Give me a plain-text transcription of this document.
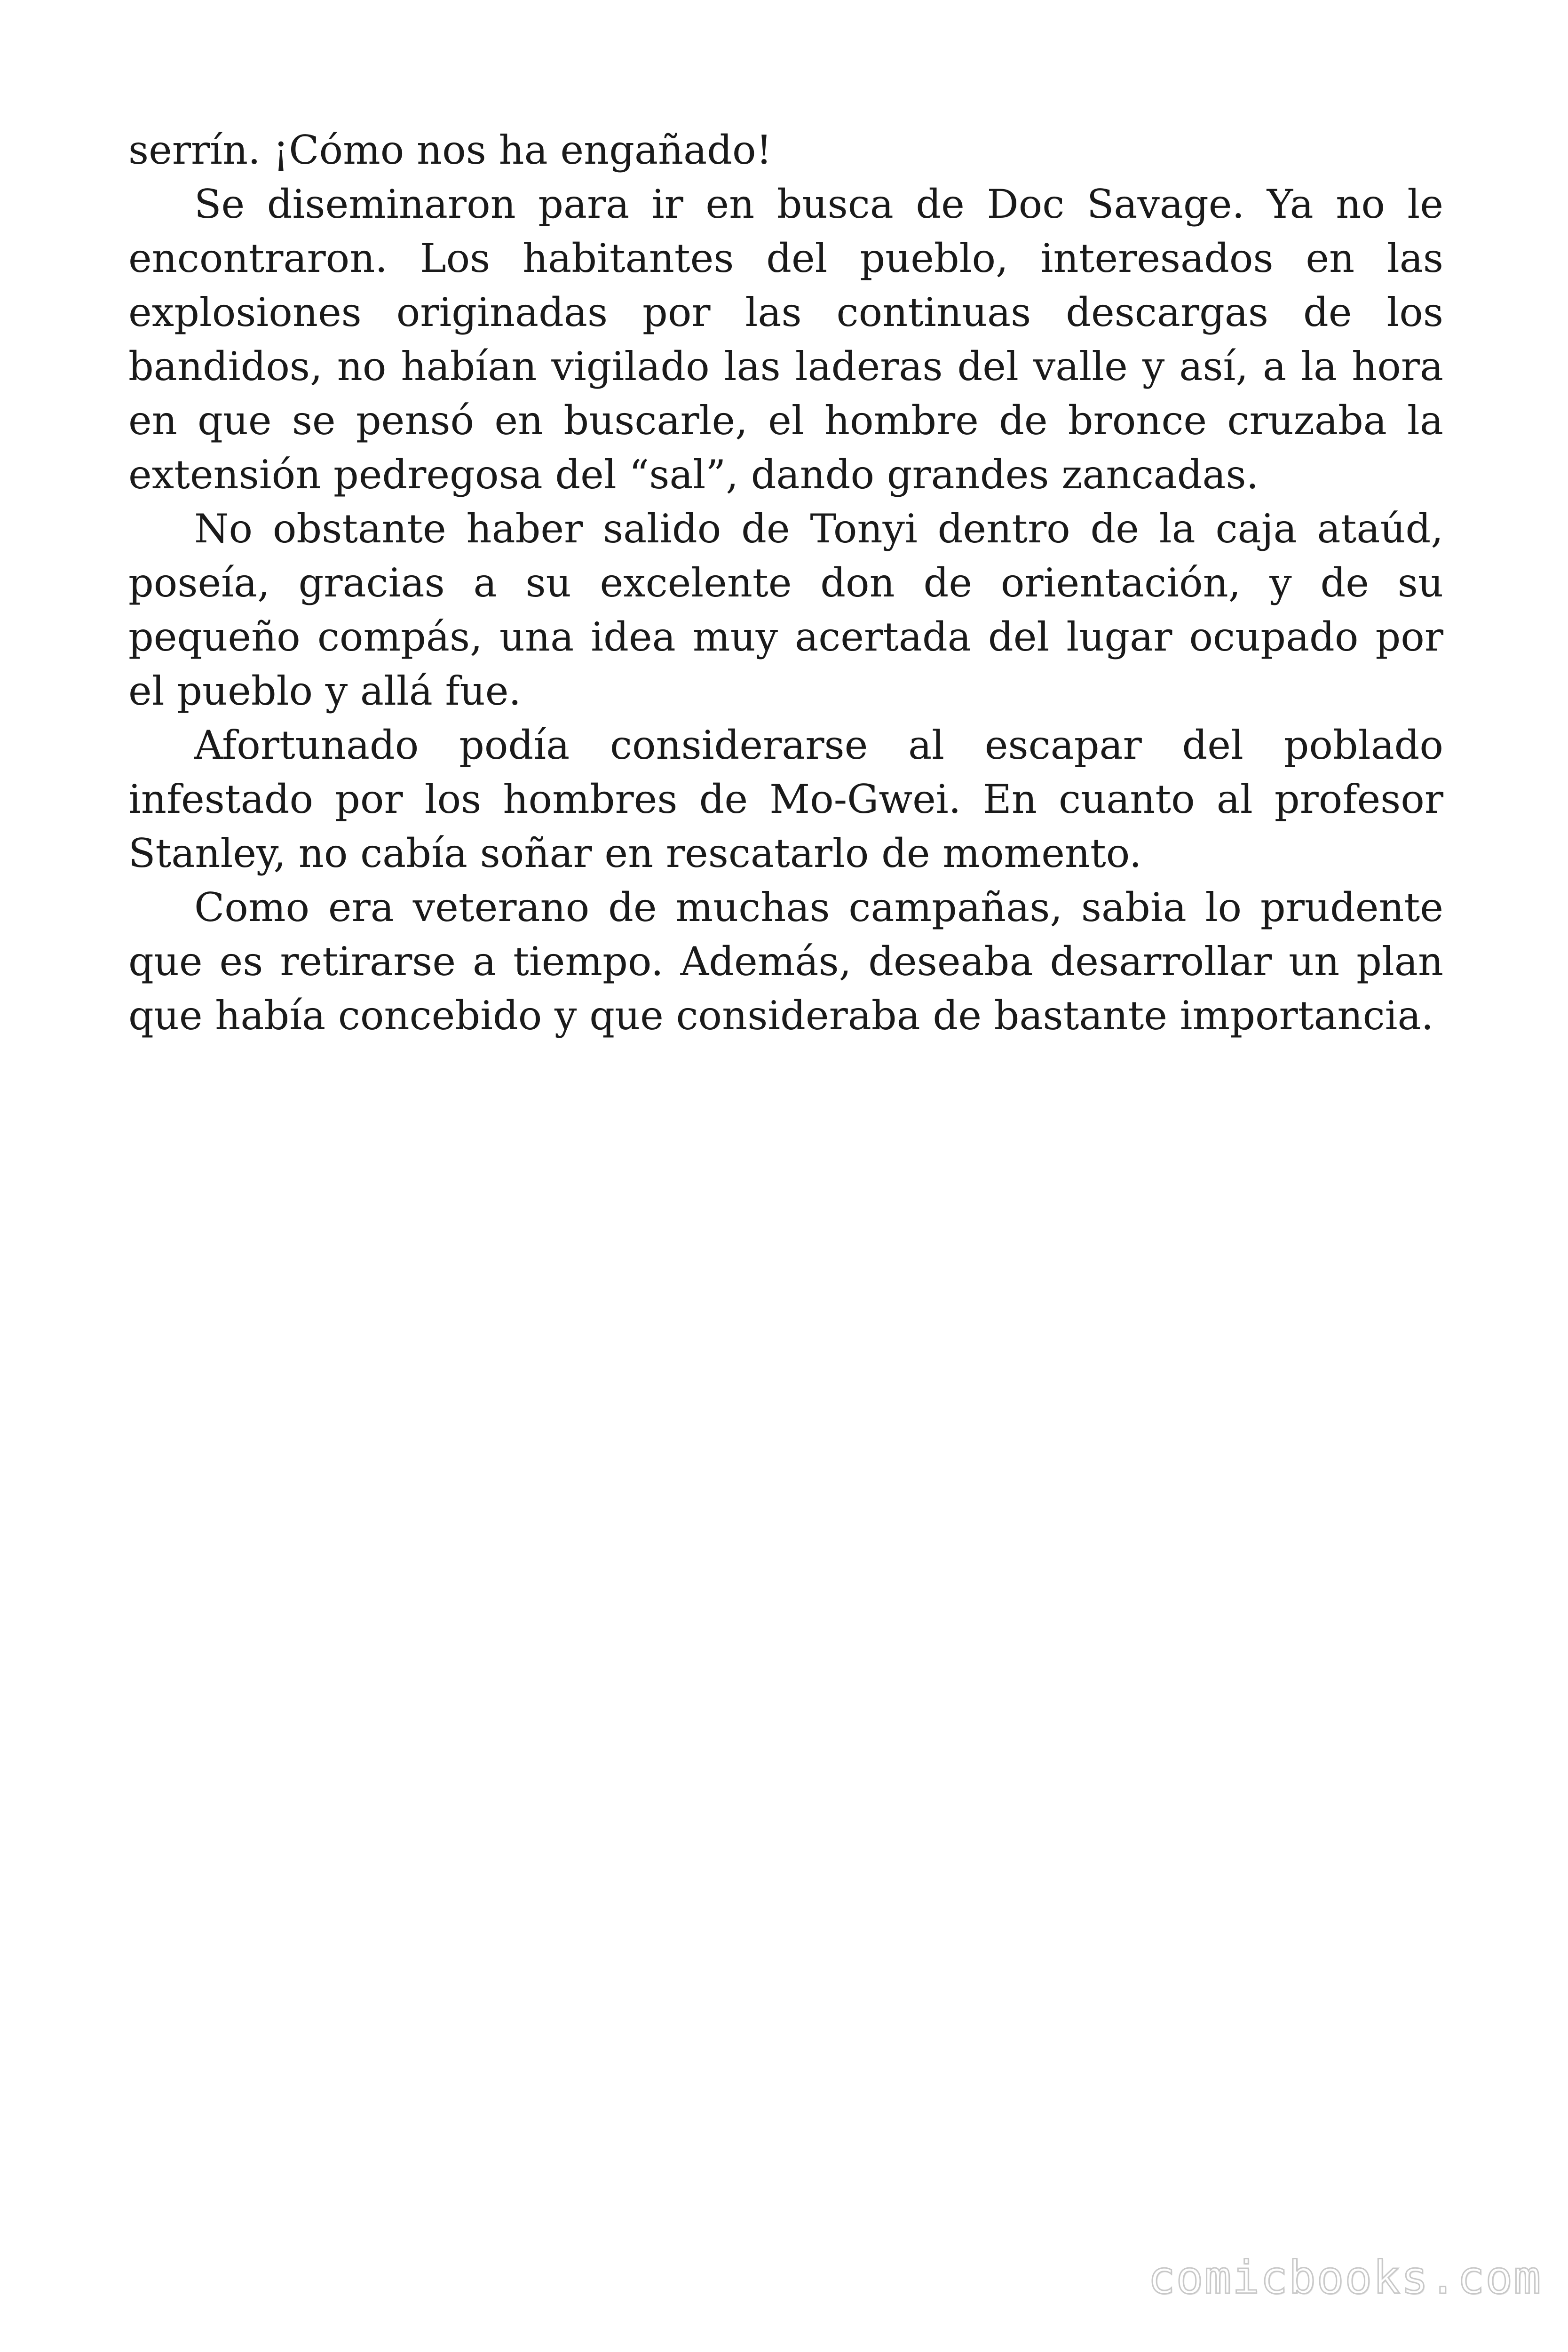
serrín. ¡Cómo nos ha engañado!

Se diseminaron para ir en busca de Doc Savage. Ya no le encontraron. Los habitantes del pueblo, interesados en las explosiones originadas por las continuas descargas de los bandidos, no habían vigilado las laderas del valle y así, a la hora en que se pensó en buscarle, el hombre de bronce cruzaba la extensión pedregosa del “sal”, dando grandes zancadas.

No obstante haber salido de Tonyi dentro de la caja ataúd, poseía, gracias a su excelente don de orientación, y de su pequeño compás, una idea muy acertada del lugar ocupado por el pueblo y allá fue.

Afortunado podía considerarse al escapar del poblado infestado por los hombres de Mo-Gwei. En cuanto al profesor Stanley, no cabía soñar en rescatarlo de momento.

Como era veterano de muchas campañas, sabia lo prudente que es retirarse a tiempo. Además, deseaba desarrollar un plan que había concebido y que consideraba de bastante importancia.

comicbooks.com
